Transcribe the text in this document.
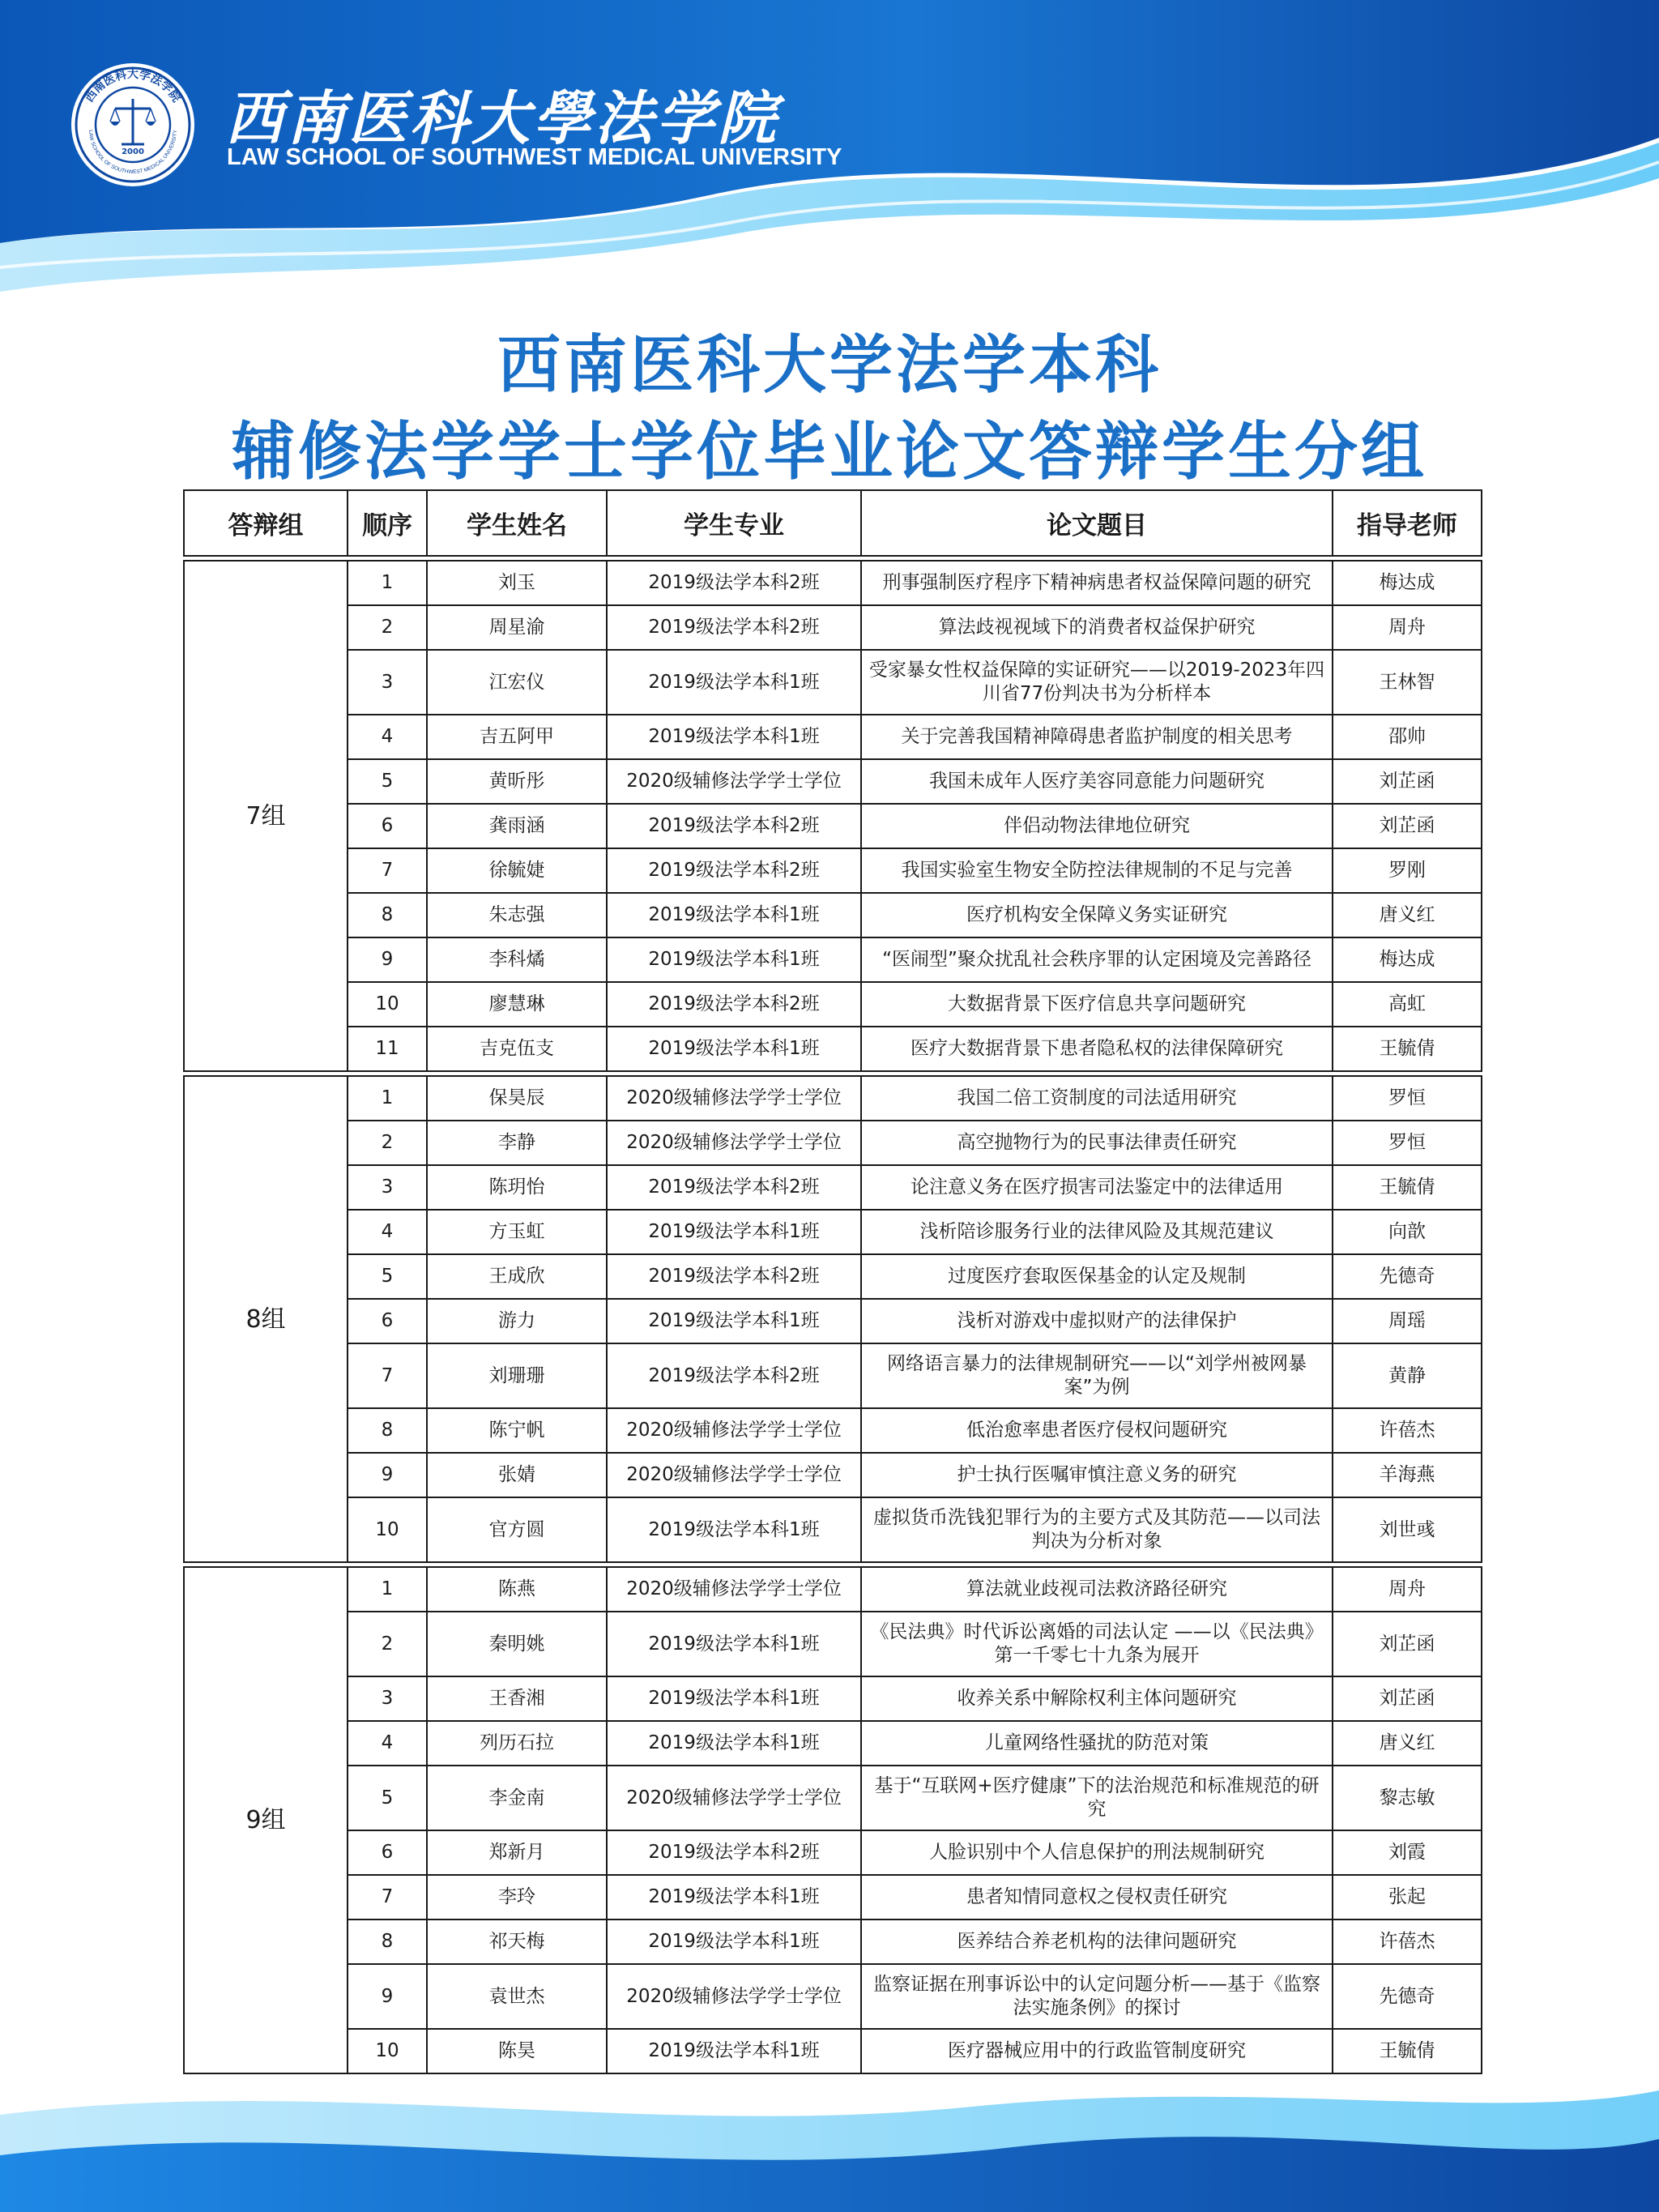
西南医科大学法学院
LAW SCHOOL OF SOUTHWEST MEDICAL UNIVERSITY
2000 西南医科大學法学院
LAW SCHOOL OF SOUTHWEST MEDICAL UNIVERSITY
西南医科大学法学本科
辅修法学学士学位毕业论文答辩学生分组
答辩组	顺序	学生姓名	学生专业	论文题目	指导老师

7组	1	刘玉	2019级法学本科2班	刑事强制医疗程序下精神病患者权益保障问题的研究	梅达成
	2	周星渝	2019级法学本科2班	算法歧视视域下的消费者权益保护研究	周舟
	3	江宏仪	2019级法学本科1班	受家暴女性权益保障的实证研究——以2019-2023年四川省77份判决书为分析样本	王林智
	4	吉五阿甲	2019级法学本科1班	关于完善我国精神障碍患者监护制度的相关思考	邵帅
	5	黄昕彤	2020级辅修法学学士学位	我国未成年人医疗美容同意能力问题研究	刘芷函
	6	龚雨涵	2019级法学本科2班	伴侣动物法律地位研究	刘芷函
	7	徐毓婕	2019级法学本科2班	我国实验室生物安全防控法律规制的不足与完善	罗刚
	8	朱志强	2019级法学本科1班	医疗机构安全保障义务实证研究	唐义红
	9	李科燏	2019级法学本科1班	“医闹型”聚众扰乱社会秩序罪的认定困境及完善路径	梅达成
	10	廖慧琳	2019级法学本科2班	大数据背景下医疗信息共享问题研究	高虹
	11	吉克伍支	2019级法学本科1班	医疗大数据背景下患者隐私权的法律保障研究	王毓倩

8组	1	保昊辰	2020级辅修法学学士学位	我国二倍工资制度的司法适用研究	罗恒
	2	李静	2020级辅修法学学士学位	高空抛物行为的民事法律责任研究	罗恒
	3	陈玥怡	2019级法学本科2班	论注意义务在医疗损害司法鉴定中的法律适用	王毓倩
	4	方玉虹	2019级法学本科1班	浅析陪诊服务行业的法律风险及其规范建议	向歆
	5	王成欣	2019级法学本科2班	过度医疗套取医保基金的认定及规制	先德奇
	6	游力	2019级法学本科1班	浅析对游戏中虚拟财产的法律保护	周瑶
	7	刘珊珊	2019级法学本科2班	网络语言暴力的法律规制研究——以“刘学州被网暴案”为例	黄静
	8	陈宁帆	2020级辅修法学学士学位	低治愈率患者医疗侵权问题研究	许蓓杰
	9	张婧	2020级辅修法学学士学位	护士执行医嘱审慎注意义务的研究	羊海燕
	10	官方圆	2019级法学本科1班	虚拟货币洗钱犯罪行为的主要方式及其防范——以司法判决为分析对象	刘世彧

9组	1	陈燕	2020级辅修法学学士学位	算法就业歧视司法救济路径研究	周舟
	2	秦明姚	2019级法学本科1班	《民法典》时代诉讼离婚的司法认定 ——以《民法典》第一千零七十九条为展开	刘芷函
	3	王香湘	2019级法学本科1班	收养关系中解除权利主体问题研究	刘芷函
	4	列历石拉	2019级法学本科1班	儿童网络性骚扰的防范对策	唐义红
	5	李金南	2020级辅修法学学士学位	基于“互联网+医疗健康”下的法治规范和标准规范的研究	黎志敏
	6	郑新月	2019级法学本科2班	人脸识别中个人信息保护的刑法规制研究	刘霞
	7	李玲	2019级法学本科1班	患者知情同意权之侵权责任研究	张起
	8	祁天梅	2019级法学本科1班	医养结合养老机构的法律问题研究	许蓓杰
	9	袁世杰	2020级辅修法学学士学位	监察证据在刑事诉讼中的认定问题分析——基于《监察法实施条例》的探讨	先德奇
	10	陈昊	2019级法学本科1班	医疗器械应用中的行政监管制度研究	王毓倩
